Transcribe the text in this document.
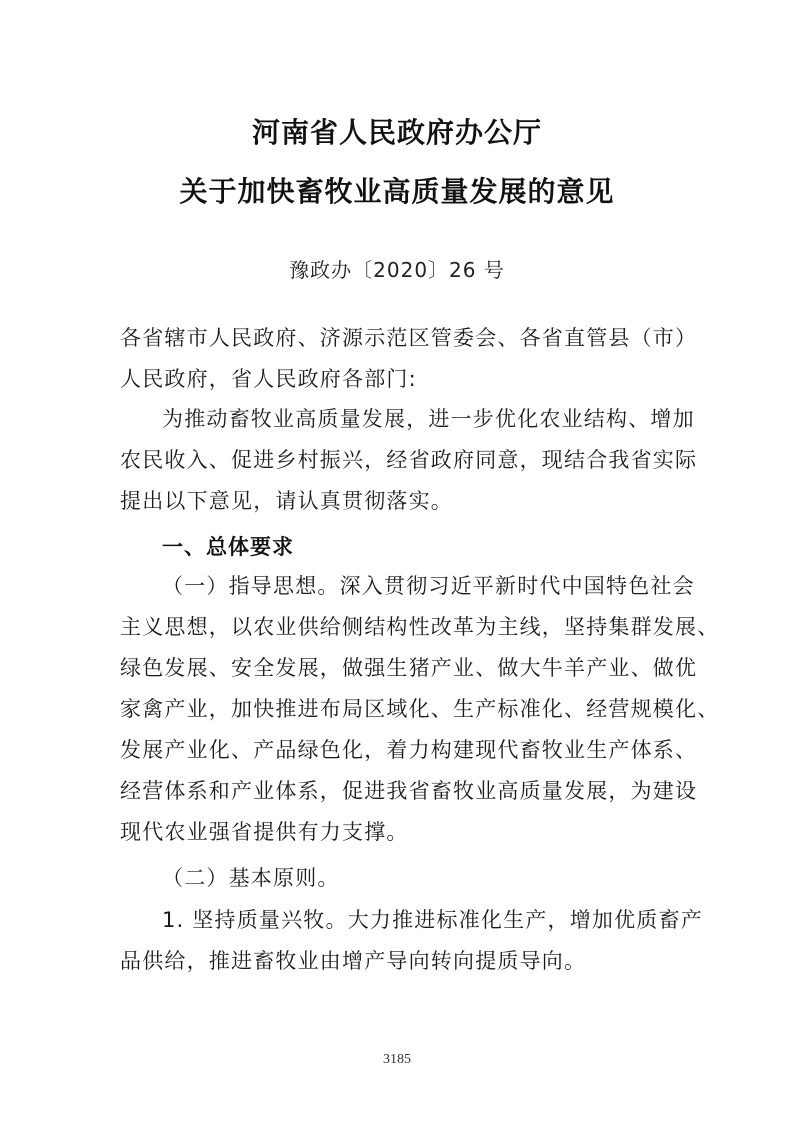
河南省人民政府办公厅
关于加快畜牧业高质量发展的意见
豫政办〔2020〕26 号
各省辖市人民政府、济源示范区管委会、各省直管县（市）
人民政府，省人民政府各部门:
为推动畜牧业高质量发展，进一步优化农业结构、增加
农民收入、促进乡村振兴，经省政府同意，现结合我省实际
提出以下意见，请认真贯彻落实。
一、总体要求
（一）指导思想。深入贯彻习近平新时代中国特色社会
主义思想，以农业供给侧结构性改革为主线，坚持集群发展、
绿色发展、安全发展，做强生猪产业、做大牛羊产业、做优
家禽产业，加快推进布局区域化、生产标准化、经营规模化、
发展产业化、产品绿色化，着力构建现代畜牧业生产体系、
经营体系和产业体系，促进我省畜牧业高质量发展，为建设
现代农业强省提供有力支撑。
（二）基本原则。
1. 坚持质量兴牧。大力推进标准化生产，增加优质畜产
品供给，推进畜牧业由增产导向转向提质导向。
3185
